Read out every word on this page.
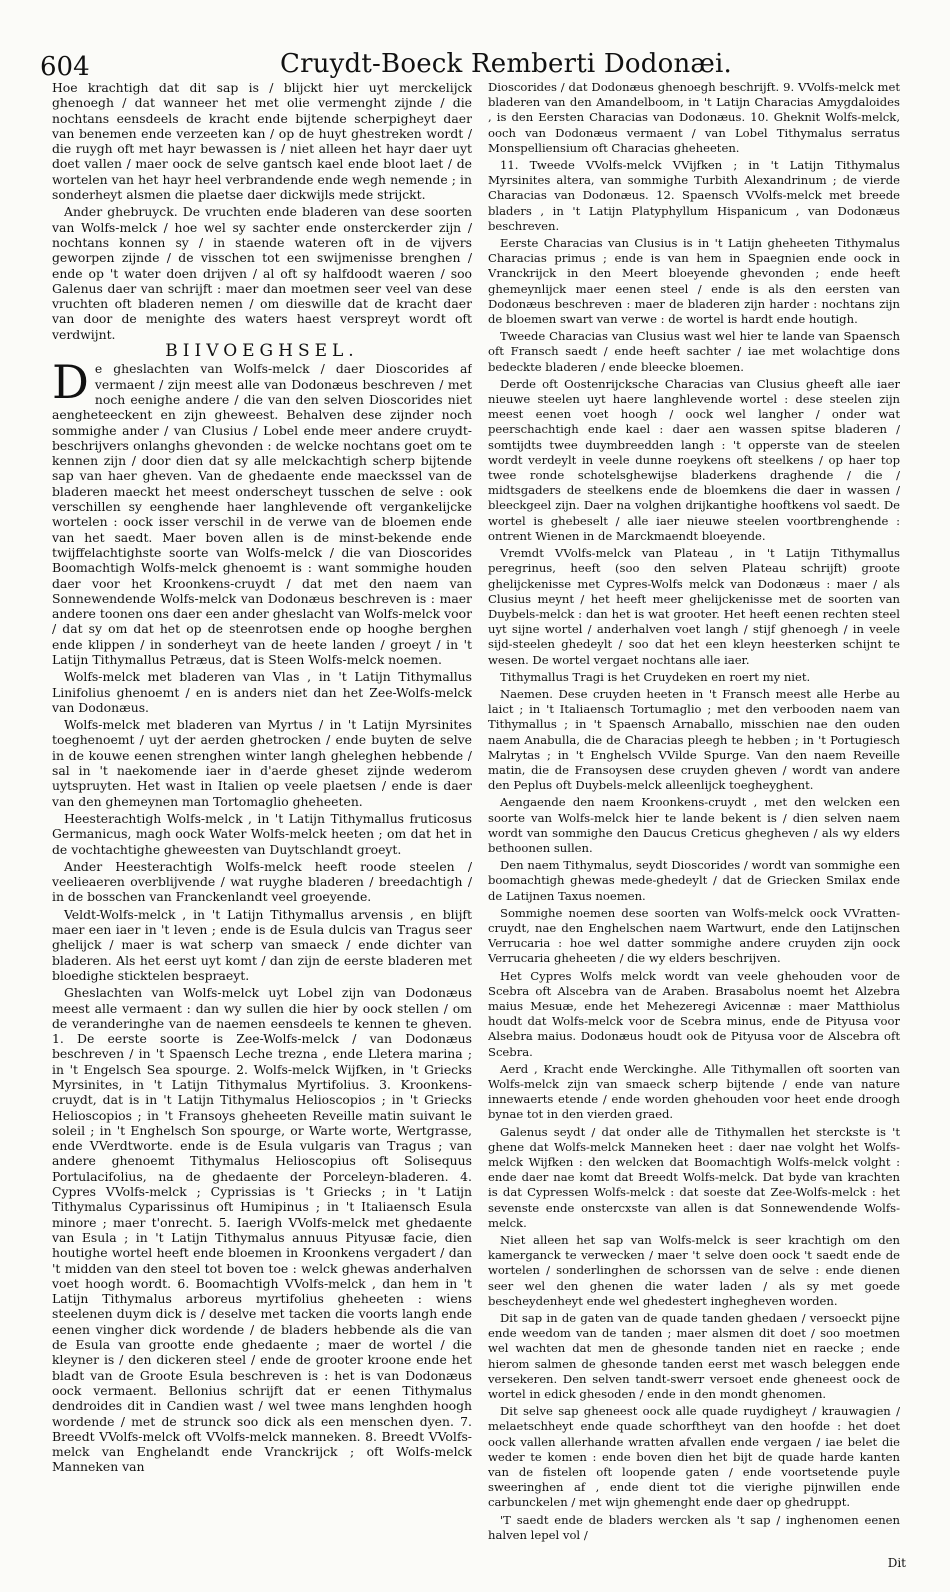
604	Cruydt-Boeck Remberti Dodonæi.

Hoe krachtigh dat dit sap is / blijckt hier uyt merckelijck ghenoegh / dat wanneer het met olie vermenght zijnde / die nochtans eensdeels de kracht ende bijtende scherpigheyt daer van benemen ende verzeeten kan / op de huyt ghestreken wordt / die ruygh oft met hayr bewassen is / niet alleen het hayr daer uyt doet vallen / maer oock de selve gantsch kael ende bloot laet / de wortelen van het hayr heel verbrandende ende wegh nemende ; in sonderheyt alsmen die plaetse daer dickwijls mede strijckt.

Ander ghebruyck. De vruchten ende bladeren van dese soorten van Wolfs-melck / hoe wel sy sachter ende onsterckerder zijn / nochtans konnen sy / in staende wateren oft in de vijvers geworpen zijnde / de visschen tot een swijmenisse brenghen / ende op 't water doen drijven / al oft sy halfdoodt waeren / soo Galenus daer van schrijft : maer dan moetmen seer veel van dese vruchten oft bladeren nemen / om dieswille dat de kracht daer van door de menighte des waters haest verspreyt wordt oft verdwijnt.

BIIVOEGHSEL.

De gheslachten van Wolfs-melck / daer Dioscorides af vermaent / zijn meest alle van Dodonæus beschreven / met noch eenighe andere / die van den selven Dioscorides niet aengheteeckent en zijn gheweest. Behalven dese zijnder noch sommighe ander / van Clusius / Lobel ende meer andere cruydt-beschrijvers onlanghs ghevonden : de welcke nochtans goet om te kennen zijn / door dien dat sy alle melckachtigh scherp bijtende sap van haer gheven. Van de ghedaente ende maeckssel van de bladeren maeckt het meest onderscheyt tusschen de selve : ook verschillen sy eenghende haer langhlevende oft vergankelijcke wortelen : oock isser verschil in de verwe van de bloemen ende van het saedt. Maer boven allen is de minst-bekende ende twijffelachtighste soorte van Wolfs-melck / die van Dioscorides Boomachtigh Wolfs-melck ghenoemt is : want sommighe houden daer voor het Kroonkens-cruydt / dat met den naem van Sonnewendende Wolfs-melck van Dodonæus beschreven is : maer andere toonen ons daer een ander gheslacht van Wolfs-melck voor / dat sy om dat het op de steenrotsen ende op hooghe berghen ende klippen / in sonderheyt van de heete landen / groeyt / in 't Latijn Tithymallus Petræus, dat is Steen Wolfs-melck noemen.

Wolfs-melck met bladeren van Vlas , in 't Latijn Tithymallus Linifolius ghenoemt / en is anders niet dan het Zee-Wolfs-melck van Dodonæus.

Wolfs-melck met bladeren van Myrtus / in 't Latijn Myrsinites toeghenoemt / uyt der aerden ghetrocken / ende buyten de selve in de kouwe eenen strenghen winter langh gheleghen hebbende / sal in 't naekomende iaer in d'aerde gheset zijnde wederom uytspruyten. Het wast in Italien op veele plaetsen / ende is daer van den ghemeynen man Tortomaglio gheheeten.

Heesterachtigh Wolfs-melck , in 't Latijn Tithymallus fruticosus Germanicus, magh oock Water Wolfs-melck heeten ; om dat het in de vochtachtighe gheweesten van Duytschlandt groeyt.

Ander Heesterachtigh Wolfs-melck heeft roode steelen / veelieaeren overblijvende / wat ruyghe bladeren / breedachtigh / in de bosschen van Franckenlandt veel groeyende.

Veldt-Wolfs-melck , in 't Latijn Tithymallus arvensis , en blijft maer een iaer in 't leven ; ende is de Esula dulcis van Tragus seer ghelijck / maer is wat scherp van smaeck / ende dichter van bladeren. Als het eerst uyt komt / dan zijn de eerste bladeren met bloedighe sticktelen bespraeyt.

Gheslachten van Wolfs-melck uyt Lobel zijn van Dodonæus meest alle vermaent : dan wy sullen die hier by oock stellen / om de veranderinghe van de naemen eensdeels te kennen te gheven. 1. De eerste soorte is Zee-Wolfs-melck / van Dodonæus beschreven / in 't Spaensch Leche trezna , ende Lletera marina ; in 't Engelsch Sea spourge. 2. Wolfs-melck Wijfken, in 't Griecks Myrsinites, in 't Latijn Tithymalus Myrtifolius. 3. Kroonkens-cruydt, dat is in 't Latijn Tithymalus Helioscopios ; in 't Griecks Helioscopios ; in 't Fransoys gheheeten Reveille matin suivant le soleil ; in 't Enghelsch Son spourge, or Warte worte, Wertgrasse, ende VVerdtworte. ende is de Esula vulgaris van Tragus ; van andere ghenoemt Tithymalus Helioscopius oft Solisequus Portulacifolius, na de ghedaente der Porceleyn-bladeren. 4. Cypres VVolfs-melck ; Cyprissias is 't Griecks ; in 't Latijn Tithymalus Cyparissinus oft Humipinus ; in 't Italiaensch Esula minore ; maer t'onrecht. 5. Iaerigh VVolfs-melck met ghedaente van Esula ; in 't Latijn Tithymalus annuus Pityusæ facie, dien houtighe wortel heeft ende bloemen in Kroonkens vergadert / dan 't midden van den steel tot boven toe : welck ghewas anderhalven voet hoogh wordt. 6. Boomachtigh VVolfs-melck , dan hem in 't Latijn Tithymalus arboreus myrtifolius gheheeten : wiens steelenen duym dick is / deselve met tacken die voorts langh ende eenen vingher dick wordende / de bladers hebbende als die van de Esula van grootte ende ghedaente ; maer de wortel / die kleyner is / den dickeren steel / ende de grooter kroone ende het bladt van de Groote Esula beschreven is : het is van Dodonæus oock vermaent. Bellonius schrijft dat er eenen Tithymalus dendroides dit in Candien wast / wel twee mans lenghden hoogh wordende / met de strunck soo dick als een menschen dyen. 7. Breedt VVolfs-melck oft VVolfs-melck manneken. 8. Breedt VVolfs-melck van Enghelandt ende Vranckrijck ; oft Wolfs-melck Manneken van

Dioscorides / dat Dodonæus ghenoegh beschrijft. 9. VVolfs-melck met bladeren van den Amandelboom, in 't Latijn Characias Amygdaloides , is den Eersten Characias van Dodonæus. 10. Gheknit Wolfs-melck, ooch van Dodonæus vermaent / van Lobel Tithymalus serratus Monspelliensium oft Characias gheheeten.

11. Tweede VVolfs-melck VVijfken ; in 't Latijn Tithymalus Myrsinites altera, van sommighe Turbith Alexandrinum ; de vierde Characias van Dodonæus. 12. Spaensch VVolfs-melck met breede bladers , in 't Latijn Platyphyllum Hispanicum , van Dodonæus beschreven.

Eerste Characias van Clusius is in 't Latijn gheheeten Tithymalus Characias primus ; ende is van hem in Spaegnien ende oock in Vranckrijck in den Meert bloeyende ghevonden ; ende heeft ghemeynlijck maer eenen steel / ende is als den eersten van Dodonæus beschreven : maer de bladeren zijn harder : nochtans zijn de bloemen swart van verwe : de wortel is hardt ende houtigh.

Tweede Characias van Clusius wast wel hier te lande van Spaensch oft Fransch saedt / ende heeft sachter / iae met wolachtige dons bedeckte bladeren / ende bleecke bloemen.

Derde oft Oostenrijcksche Characias van Clusius gheeft alle iaer nieuwe steelen uyt haere langhlevende wortel : dese steelen zijn meest eenen voet hoogh / oock wel langher / onder wat peerschachtigh ende kael : daer aen wassen spitse bladeren / somtijdts twee duymbreedden langh : 't opperste van de steelen wordt verdeylt in veele dunne roeykens oft steelkens / op haer top twee ronde schotelsghewijse bladerkens draghende / die / midtsgaders de steelkens ende de bloemkens die daer in wassen / bleeckgeel zijn. Daer na volghen drijkantighe hooftkens vol saedt. De wortel is ghebeselt / alle iaer nieuwe steelen voortbrenghende : ontrent Wienen in de Marckmaendt bloeyende.

Vremdt VVolfs-melck van Plateau , in 't Latijn Tithymallus peregrinus, heeft (soo den selven Plateau schrijft) groote ghelijckenisse met Cypres-Wolfs melck van Dodonæus : maer / als Clusius meynt / het heeft meer ghelijckenisse met de soorten van Duybels-melck : dan het is wat grooter. Het heeft eenen rechten steel uyt sijne wortel / anderhalven voet langh / stijf ghenoegh / in veele sijd-steelen ghedeylt / soo dat het een kleyn heesterken schijnt te wesen. De wortel vergaet nochtans alle iaer.

Tithymallus Tragi is het Cruydeken en roert my niet.

Naemen. Dese cruyden heeten in 't Fransch meest alle Herbe au laict ; in 't Italiaensch Tortumaglio ; met den verbooden naem van Tithymallus ; in 't Spaensch Arnaballo, misschien nae den ouden naem Anabulla, die de Characias pleegh te hebben ; in 't Portugiesch Malrytas ; in 't Enghelsch VVilde Spurge. Van den naem Reveille matin, die de Fransoysen dese cruyden gheven / wordt van andere den Peplus oft Duybels-melck alleenlijck toegheyghent.

Aengaende den naem Kroonkens-cruydt , met den welcken een soorte van Wolfs-melck hier te lande bekent is / dien selven naem wordt van sommighe den Daucus Creticus ghegheven / als wy elders bethoonen sullen.

Den naem Tithymalus, seydt Dioscorides / wordt van sommighe een boomachtigh ghewas mede-ghedeylt / dat de Griecken Smilax ende de Latijnen Taxus noemen.

Sommighe noemen dese soorten van Wolfs-melck oock VVratten-cruydt, nae den Enghelschen naem Wartwurt, ende den Latijnschen Verrucaria : hoe wel datter sommighe andere cruyden zijn oock Verrucaria gheheeten / die wy elders beschrijven.

Het Cypres Wolfs melck wordt van veele ghehouden voor de Scebra oft Alscebra van de Araben. Brasabolus noemt het Alzebra maius Mesuæ, ende het Mehezeregi Avicennæ : maer Matthiolus houdt dat Wolfs-melck voor de Scebra minus, ende de Pityusa voor Alsebra maius. Dodonæus houdt ook de Pityusa voor de Alscebra oft Scebra.

Aerd , Kracht ende Werckinghe. Alle Tithymallen oft soorten van Wolfs-melck zijn van smaeck scherp bijtende / ende van nature innewaerts etende / ende worden ghehouden voor heet ende droogh bynae tot in den vierden graed.

Galenus seydt / dat onder alle de Tithymallen het sterckste is 't ghene dat Wolfs-melck Manneken heet : daer nae volght het Wolfs-melck Wijfken : den welcken dat Boomachtigh Wolfs-melck volght : ende daer nae komt dat Breedt Wolfs-melck. Dat byde van krachten is dat Cypressen Wolfs-melck : dat soeste dat Zee-Wolfs-melck : het sevenste ende onstercxste van allen is dat Sonnewendende Wolfs-melck.

Niet alleen het sap van Wolfs-melck is seer krachtigh om den kamerganck te verwecken / maer 't selve doen oock 't saedt ende de wortelen / sonderlinghen de schorssen van de selve : ende dienen seer wel den ghenen die water laden / als sy met goede bescheydenheyt ende wel ghedestert inghegheven worden.

Dit sap in de gaten van de quade tanden ghedaen / versoeckt pijne ende weedom van de tanden ; maer alsmen dit doet / soo moetmen wel wachten dat men de ghesonde tanden niet en raecke ; ende hierom salmen de ghesonde tanden eerst met wasch beleggen ende versekeren. Den selven tandt-swerr versoet ende gheneest oock de wortel in edick ghesoden / ende in den mondt ghenomen.

Dit selve sap gheneest oock alle quade ruydigheyt / krauwagien / melaetschheyt ende quade schorftheyt van den hoofde : het doet oock vallen allerhande wratten afvallen ende vergaen / iae belet die weder te komen : ende boven dien het bijt de quade harde kanten van de fistelen oft loopende gaten / ende voortsetende puyle sweeringhen af , ende dient tot die vierighe pijnwillen ende carbunckelen / met wijn ghemenght ende daer op ghedruppt.

'T saedt ende de bladers wercken als 't sap / inghenomen eenen halven lepel vol /

Dit
